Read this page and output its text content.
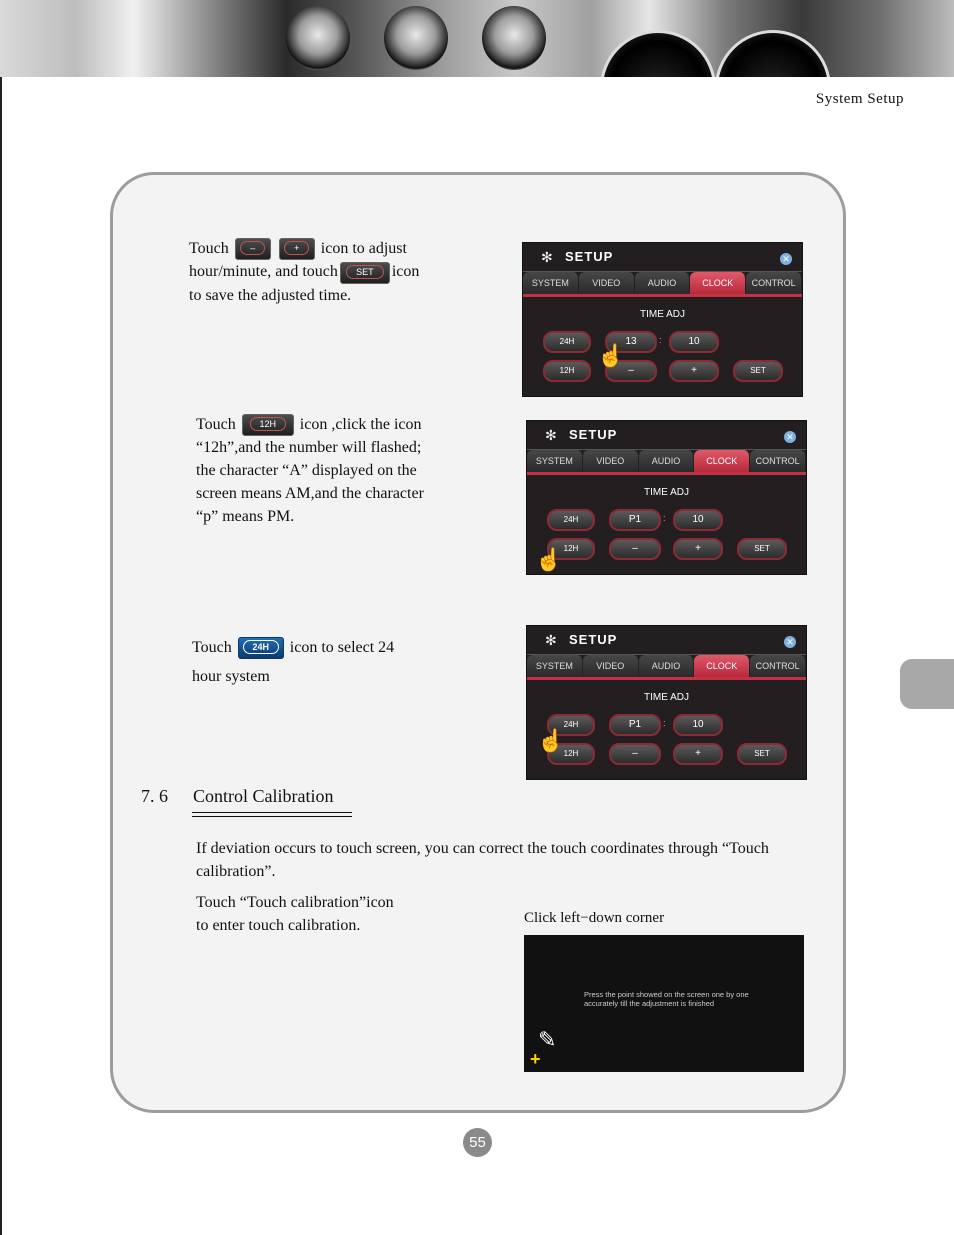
System Setup
Touch –	+ icon to adjust
hour/minute, and touch SET icon
to save the adjusted time.
✻ SETUP	✕
SYSTEM	VIDEO	AUDIO	CLOCK	CONTROL
TIME ADJ
24H	13	:	10
12H	–	+	SET
☝
Touch	12H icon ,click the icon
“12h”,and the number will flashed;
the character “A” displayed on the
screen means AM,and the character
“p” means PM.
✻ SETUP	✕
SYSTEM	VIDEO	AUDIO	CLOCK	CONTROL
TIME ADJ
24H	P1	:	10
12H	–	+	SET
☝
Touch 24H icon to select 24
hour system
✻ SETUP	✕
SYSTEM	VIDEO	AUDIO	CLOCK	CONTROL
TIME ADJ
24H	P1	:	10
12H	–	+	SET
☝
7. 6 Control Calibration
If deviation occurs to touch screen, you can correct the touch coordinates through “Touch calibration”.
Touch “Touch calibration”icon
to enter touch calibration.	Click left−down corner
Press the point showed on the screen one by one accurately till the adjustment is finished
✎
+
55
